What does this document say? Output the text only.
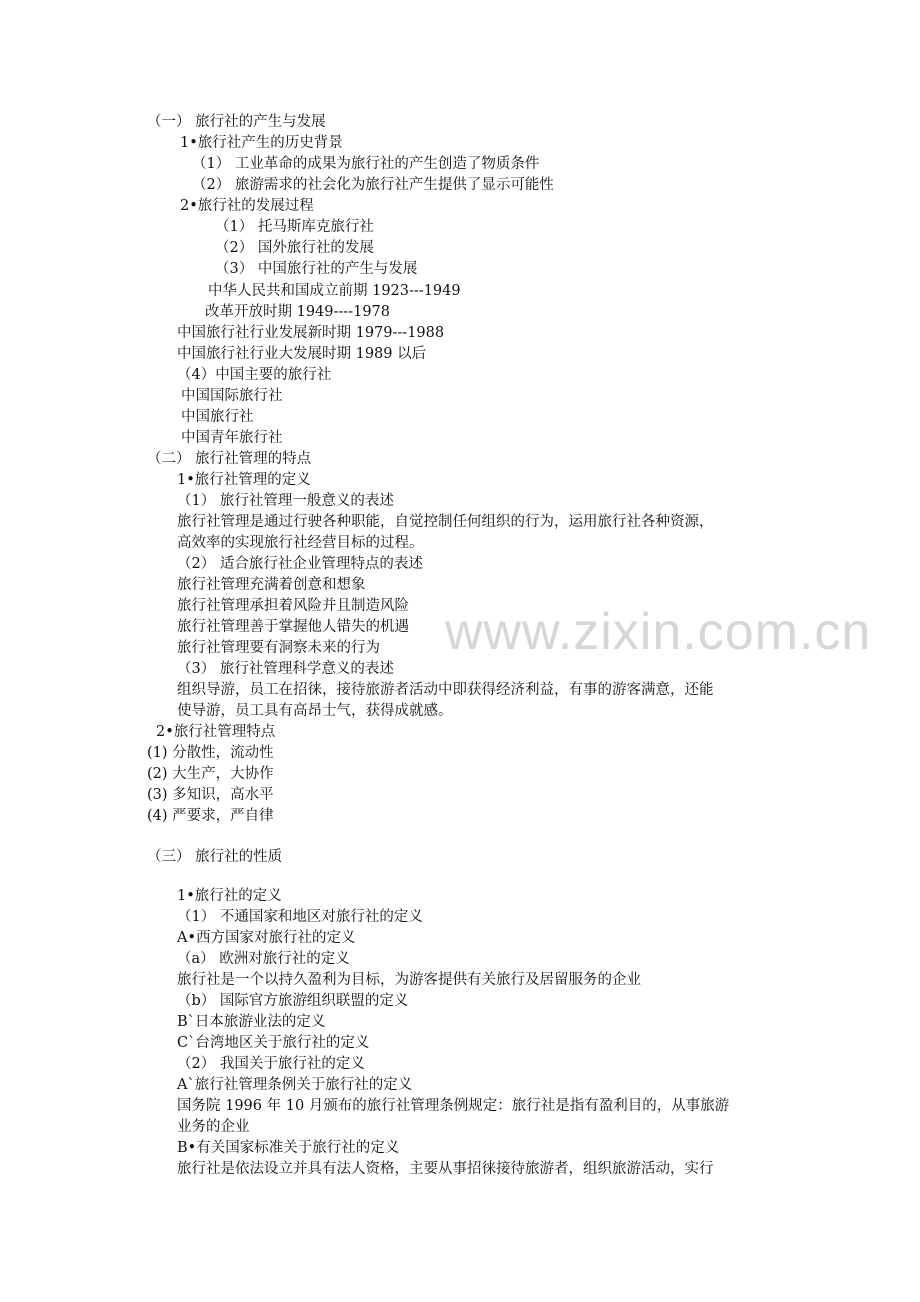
（一） 旅行社的产生与发展
1•旅行社产生的历史背景
（1） 工业革命的成果为旅行社的产生创造了物质条件
（2） 旅游需求的社会化为旅行社产生提供了显示可能性
2•旅行社的发展过程
（1） 托马斯库克旅行社
（2） 国外旅行社的发展
（3） 中国旅行社的产生与发展
中华人民共和国成立前期 1923---1949
改革开放时期 1949----1978
中国旅行社行业发展新时期 1979---1988
中国旅行社行业大发展时期 1989 以后
（4）中国主要的旅行社
中国国际旅行社
中国旅行社
中国青年旅行社
（二） 旅行社管理的特点
1•旅行社管理的定义
（1） 旅行社管理一般意义的表述
旅行社管理是通过行驶各种职能，自觉控制任何组织的行为，运用旅行社各种资源，
高效率的实现旅行社经营目标的过程。
（2） 适合旅行社企业管理特点的表述
旅行社管理充满着创意和想象
旅行社管理承担着风险并且制造风险
旅行社管理善于掌握他人错失的机遇
旅行社管理要有洞察未来的行为
（3） 旅行社管理科学意义的表述
组织导游，员工在招徕，接待旅游者活动中即获得经济利益，有事的游客满意，还能
使导游，员工具有高昂士气，获得成就感。
2•旅行社管理特点
(1) 分散性，流动性
(2) 大生产，大协作
(3) 多知识，高水平
(4) 严要求，严自律
（三） 旅行社的性质
1•旅行社的定义
（1） 不通国家和地区对旅行社的定义
A•西方国家对旅行社的定义
（a） 欧洲对旅行社的定义
旅行社是一个以持久盈利为目标，为游客提供有关旅行及居留服务的企业
（b） 国际官方旅游组织联盟的定义
B`日本旅游业法的定义
C`台湾地区关于旅行社的定义
（2） 我国关于旅行社的定义
A`旅行社管理条例关于旅行社的定义
国务院 1996 年 10 月颁布的旅行社管理条例规定：旅行社是指有盈利目的，从事旅游
业务的企业
B•有关国家标准关于旅行社的定义
旅行社是依法设立并具有法人资格，主要从事招徕接待旅游者，组织旅游活动，实行
www.zixin.com.cn
